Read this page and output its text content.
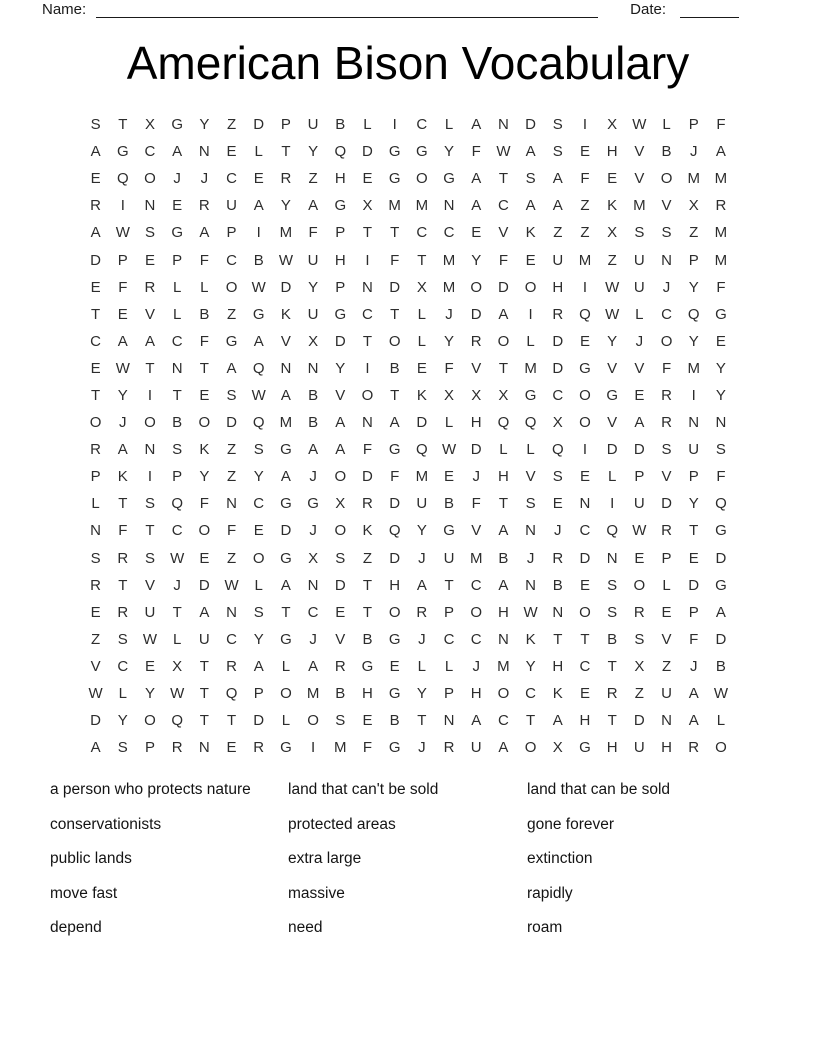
Name:	Date:
American Bison Vocabulary
S	T	X	G	Y	Z	D	P	U	B	L	I	C	L	A	N	D	S	I	X	W	L	P	F
A	G	C	A	N	E	L	T	Y	Q	D	G	G	Y	F	W	A	S	E	H	V	B	J	A
E	Q	O	J	J	C	E	R	Z	H	E	G	O	G	A	T	S	A	F	E	V	O	M M
R	I	N	E	R	U	A	Y	A	G	X	M M	N	A	C	A	A	Z	K	M	V	X	R
A	W	S	G	A	P	I	M	F	P	T	T	C	C	E	V	K	Z	Z	X	S	S	Z	M
D	P	E	P	F	C	B	W U	H	I	F	T	M	Y	F	E	U	M	Z	U	N	P	M
E	F	R	L	L	O W D	Y	P	N	D	X	M	O	D	O	H	I	W U	J	Y	F
T	E	V	L	B	Z	G	K	U	G	C	T	L	J	D	A	I	R	Q W	L	C	Q	G
C	A	A	C	F	G	A	V	X	D	T	O	L	Y	R	O	L	D	E	Y	J	O	Y	E
E	W	T	N	T	A	Q	N	N	Y	I	B	E	F	V	T	M	D	G	V	V	F	M	Y
T	Y	I	T	E	S	W	A	B	V	O	T	K	X	X	X	G	C	O	G	E	R	I	Y
O	J	O	B	O	D	Q	M	B	A	N	A	D	L	H	Q	Q	X	O	V	A	R	N	N
R	A	N	S	K	Z	S	G	A	A	F	G	Q W D	L	L	Q	I	D	D	S	U	S
P	K	I	P	Y	Z	Y	A	J	O	D	F	M	E	J	H	V	S	E	L	P	V	P	F
L	T	S	Q	F	N	C	G	G	X	R	D	U	B	F	T	S	E	N	I	U	D	Y	Q
N	F	T	C	O	F	E	D	J	O	K	Q	Y	G	V	A	N	J	C	Q W R	T	G
S	R	S	W	E	Z	O	G	X	S	Z	D	J	U	M	B	J	R	D	N	E	P	E	D
R	T	V	J	D W	L	A	N	D	T	H	A	T	C	A	N	B	E	S	O	L	D	G
E	R	U	T	A	N	S	T	C	E	T	O	R	P	O	H W N	O	S	R	E	P	A
Z	S	W	L	U	C	Y	G	J	V	B	G	J	C	C	N	K	T	T	B	S	V	F	D
V	C	E	X	T	R	A	L	A	R	G	E	L	L	J	M	Y	H	C	T	X	Z	J	B
W	L	Y	W	T	Q	P	O	M	B	H	G	Y	P	H	O	C	K	E	R	Z	U	A	W
D	Y	O	Q	T	T	D	L	O	S	E	B	T	N	A	C	T	A	H	T	D	N	A	L
A	S	P	R	N	E	R	G	I	M	F	G	J	R	U	A	O	X	G	H	U	H	R	O
a person who protects nature
conservationists
public lands
move fast
depend
land that can't be sold
protected areas
extra large
massive
need
land that can be sold
gone forever
extinction
rapidly
roam
